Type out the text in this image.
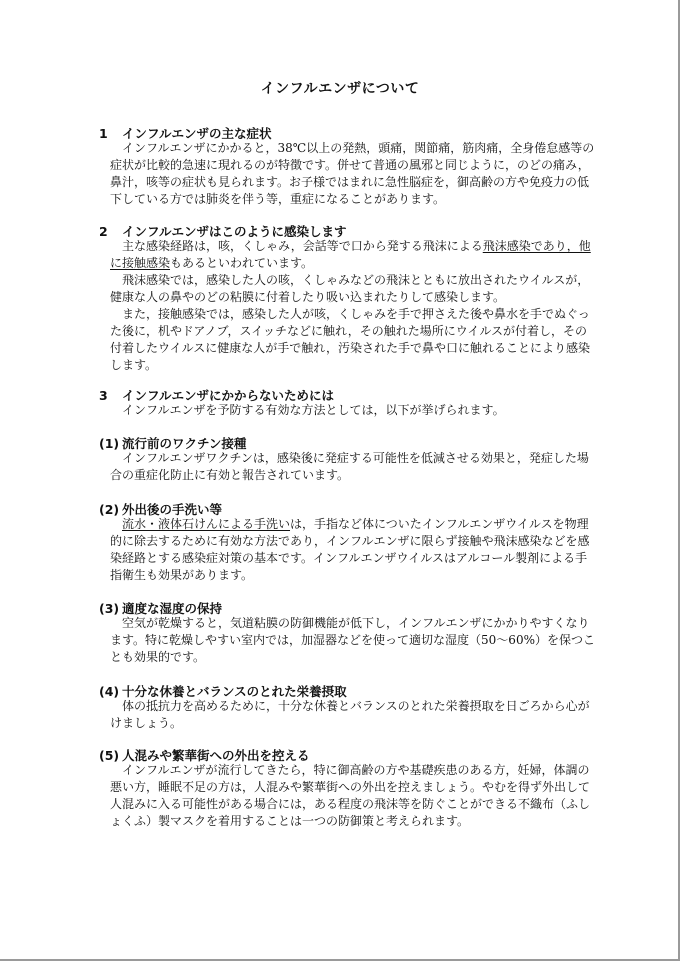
インフルエンザについて
1 インフルエンザの主な症状
インフルエンザにかかると，38℃以上の発熱，頭痛，関節痛，筋肉痛，全身倦怠感等の
症状が比較的急速に現れるのが特徴です。併せて普通の風邪と同じように，のどの痛み，
鼻汁，咳等の症状も見られます。お子様ではまれに急性脳症を，御高齢の方や免疫力の低
下している方では肺炎を伴う等，重症になることがあります。
2 インフルエンザはこのように感染します
主な感染経路は，咳，くしゃみ，会話等で口から発する飛沫による飛沫感染であり，他
に接触感染もあるといわれています。
飛沫感染では，感染した人の咳，くしゃみなどの飛沫とともに放出されたウイルスが，
健康な人の鼻やのどの粘膜に付着したり吸い込まれたりして感染します。
また，接触感染では，感染した人が咳，くしゃみを手で押さえた後や鼻水を手でぬぐっ
た後に，机やドアノブ，スイッチなどに触れ，その触れた場所にウイルスが付着し，その
付着したウイルスに健康な人が手で触れ，汚染された手で鼻や口に触れることにより感染
します。
3 インフルエンザにかからないためには
インフルエンザを予防する有効な方法としては，以下が挙げられます。
(1) 流行前のワクチン接種
インフルエンザワクチンは，感染後に発症する可能性を低減させる効果と，発症した場
合の重症化防止に有効と報告されています。
(2) 外出後の手洗い等
流水・液体石けんによる手洗いは，手指など体についたインフルエンザウイルスを物理
的に除去するために有効な方法であり，インフルエンザに限らず接触や飛沫感染などを感
染経路とする感染症対策の基本です。インフルエンザウイルスはアルコール製剤による手
指衛生も効果があります。
(3) 適度な湿度の保持
空気が乾燥すると，気道粘膜の防御機能が低下し，インフルエンザにかかりやすくなり
ます。特に乾燥しやすい室内では，加湿器などを使って適切な湿度（50～60%）を保つこ
とも効果的です。
(4) 十分な休養とバランスのとれた栄養摂取
体の抵抗力を高めるために，十分な休養とバランスのとれた栄養摂取を日ごろから心が
けましょう。
(5) 人混みや繁華街への外出を控える
インフルエンザが流行してきたら，特に御高齢の方や基礎疾患のある方，妊婦，体調の
悪い方，睡眠不足の方は，人混みや繁華街への外出を控えましょう。やむを得ず外出して
人混みに入る可能性がある場合には，ある程度の飛沫等を防ぐことができる不織布（ふし
ょくふ）製マスクを着用することは一つの防御策と考えられます。
